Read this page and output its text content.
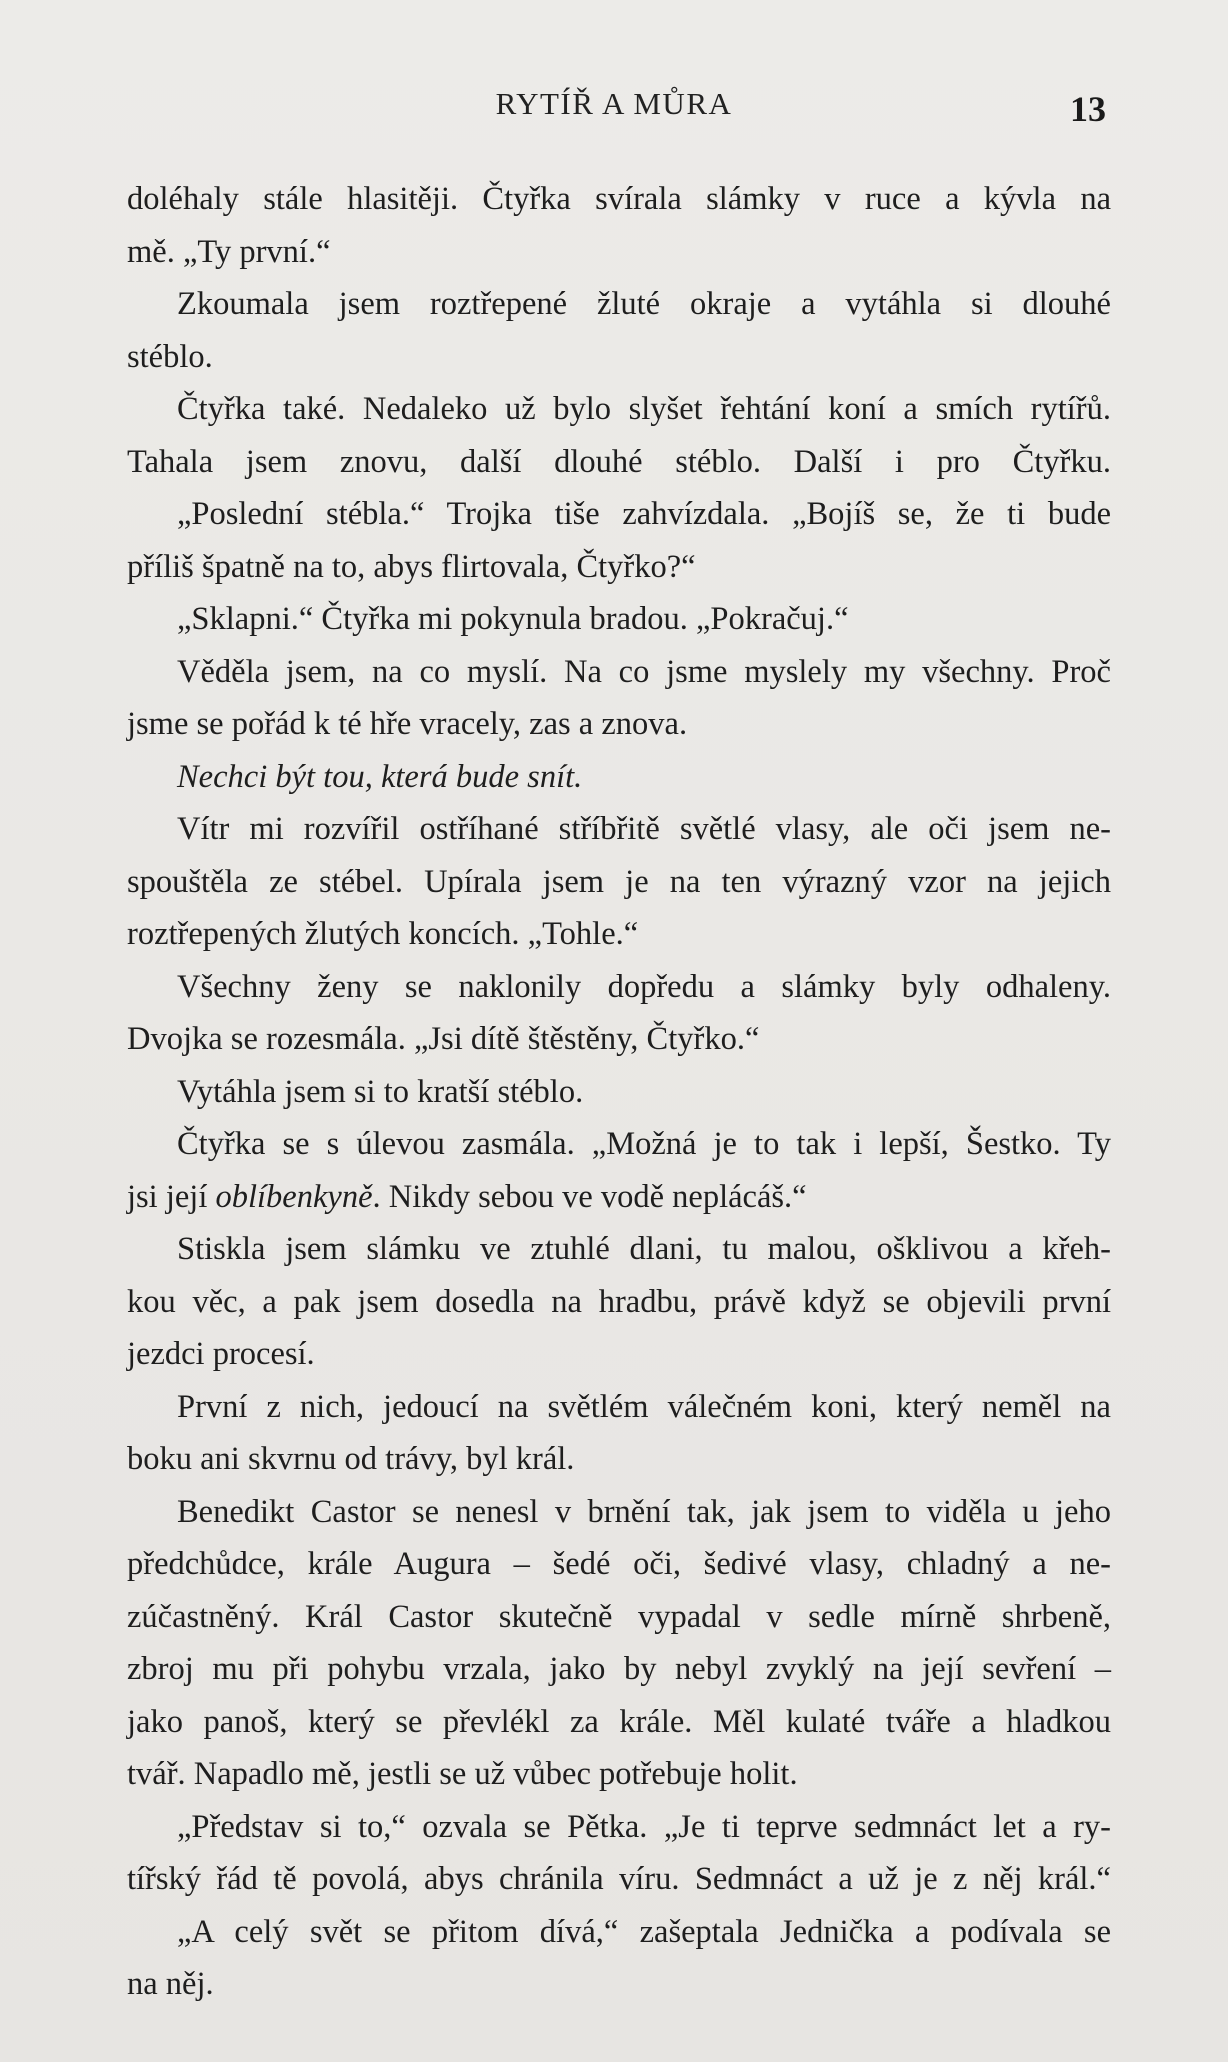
RYTÍŘ A MŮRA	13
doléhaly stále hlasitěji. Čtyřka svírala slámky v ruce a kývla na
mě. „Ty první.“
Zkoumala jsem roztřepené žluté okraje a vytáhla si dlouhé
stéblo.
Čtyřka také. Nedaleko už bylo slyšet řehtání koní a smích rytířů.
Tahala jsem znovu, další dlouhé stéblo. Další i pro Čtyřku.
„Poslední stébla.“ Trojka tiše zahvízdala. „Bojíš se, že ti bude
příliš špatně na to, abys flirtovala, Čtyřko?“
„Sklapni.“ Čtyřka mi pokynula bradou. „Pokračuj.“
Věděla jsem, na co myslí. Na co jsme myslely my všechny. Proč
jsme se pořád k té hře vracely, zas a znova.
Nechci být tou, která bude snít.
Vítr mi rozvířil ostříhané stříbřitě světlé vlasy, ale oči jsem ne-
spouštěla ze stébel. Upírala jsem je na ten výrazný vzor na jejich
roztřepených žlutých koncích. „Tohle.“
Všechny ženy se naklonily dopředu a slámky byly odhaleny.
Dvojka se rozesmála. „Jsi dítě štěstěny, Čtyřko.“
Vytáhla jsem si to kratší stéblo.
Čtyřka se s úlevou zasmála. „Možná je to tak i lepší, Šestko. Ty
jsi její oblíbenkyně. Nikdy sebou ve vodě neplácáš.“
Stiskla jsem slámku ve ztuhlé dlani, tu malou, ošklivou a křeh-
kou věc, a pak jsem dosedla na hradbu, právě když se objevili první
jezdci procesí.
První z nich, jedoucí na světlém válečném koni, který neměl na
boku ani skvrnu od trávy, byl král.
Benedikt Castor se nenesl v brnění tak, jak jsem to viděla u jeho
předchůdce, krále Augura – šedé oči, šedivé vlasy, chladný a ne-
zúčastněný. Král Castor skutečně vypadal v sedle mírně shrbeně,
zbroj mu při pohybu vrzala, jako by nebyl zvyklý na její sevření –
jako panoš, který se převlékl za krále. Měl kulaté tváře a hladkou
tvář. Napadlo mě, jestli se už vůbec potřebuje holit.
„Představ si to,“ ozvala se Pětka. „Je ti teprve sedmnáct let a ry-
tířský řád tě povolá, abys chránila víru. Sedmnáct a už je z něj král.“
„A celý svět se přitom dívá,“ zašeptala Jednička a podívala se
na něj.
